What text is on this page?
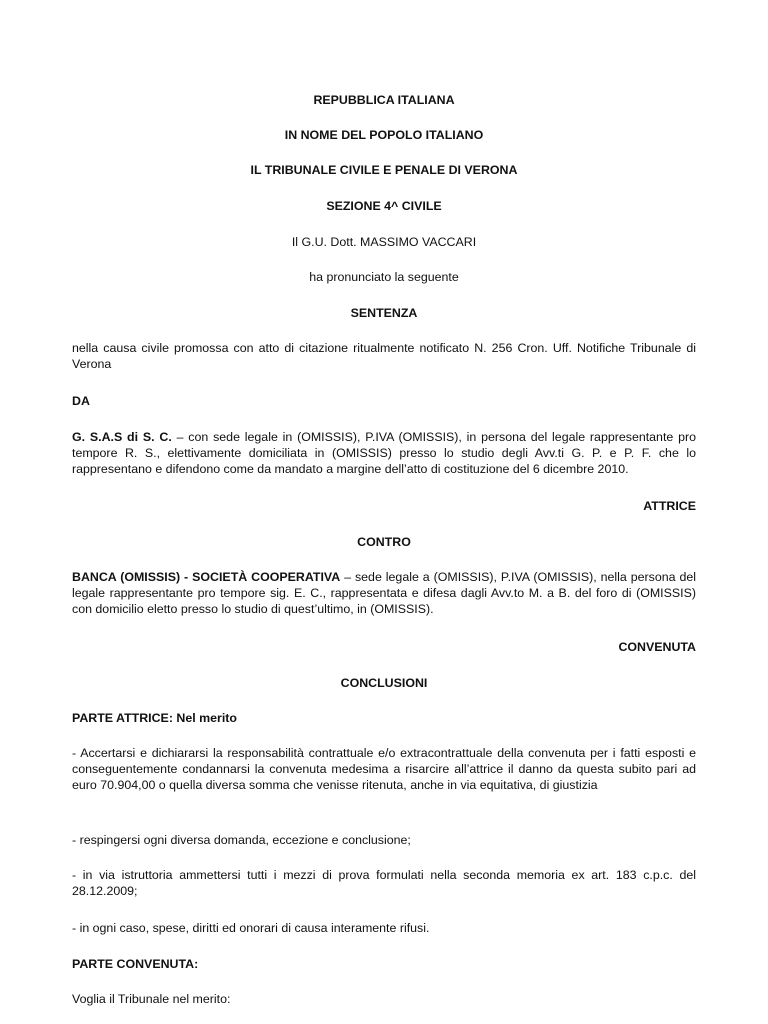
REPUBBLICA ITALIANA
IN NOME DEL POPOLO ITALIANO
IL TRIBUNALE CIVILE E PENALE DI VERONA
SEZIONE 4^ CIVILE
Il G.U. Dott. MASSIMO VACCARI
ha pronunciato la seguente
SENTENZA
nella causa civile promossa con atto di citazione ritualmente notificato N. 256 Cron. Uff. Notifiche Tribunale di Verona
DA
G. S.A.S di S. C. – con sede legale in (OMISSIS), P.IVA (OMISSIS), in persona del legale rappresentante pro tempore R. S., elettivamente domiciliata in (OMISSIS) presso lo studio degli Avv.ti G. P. e P. F. che lo rappresentano e difendono come da mandato a margine dell’atto di costituzione del 6 dicembre 2010.
ATTRICE
CONTRO
BANCA (OMISSIS) - SOCIETÀ COOPERATIVA – sede legale a (OMISSIS), P.IVA (OMISSIS), nella persona del legale rappresentante pro tempore sig. E. C., rappresentata e difesa dagli Avv.to M. a B. del foro di (OMISSIS) con domicilio eletto presso lo studio di quest’ultimo, in (OMISSIS).
CONVENUTA
CONCLUSIONI
PARTE ATTRICE: Nel merito
- Accertarsi e dichiararsi la responsabilità contrattuale e/o extracontrattuale della convenuta per i fatti esposti e conseguentemente condannarsi la convenuta medesima a risarcire all’attrice il danno da questa subito pari ad euro 70.904,00 o quella diversa somma che venisse ritenuta, anche in via equitativa, di giustizia
- respingersi ogni diversa domanda, eccezione e conclusione;
- in via istruttoria ammettersi tutti i mezzi di prova formulati nella seconda memoria ex art. 183 c.p.c. del 28.12.2009;
- in ogni caso, spese, diritti ed onorari di causa interamente rifusi.
PARTE CONVENUTA:
Voglia il Tribunale nel merito:
